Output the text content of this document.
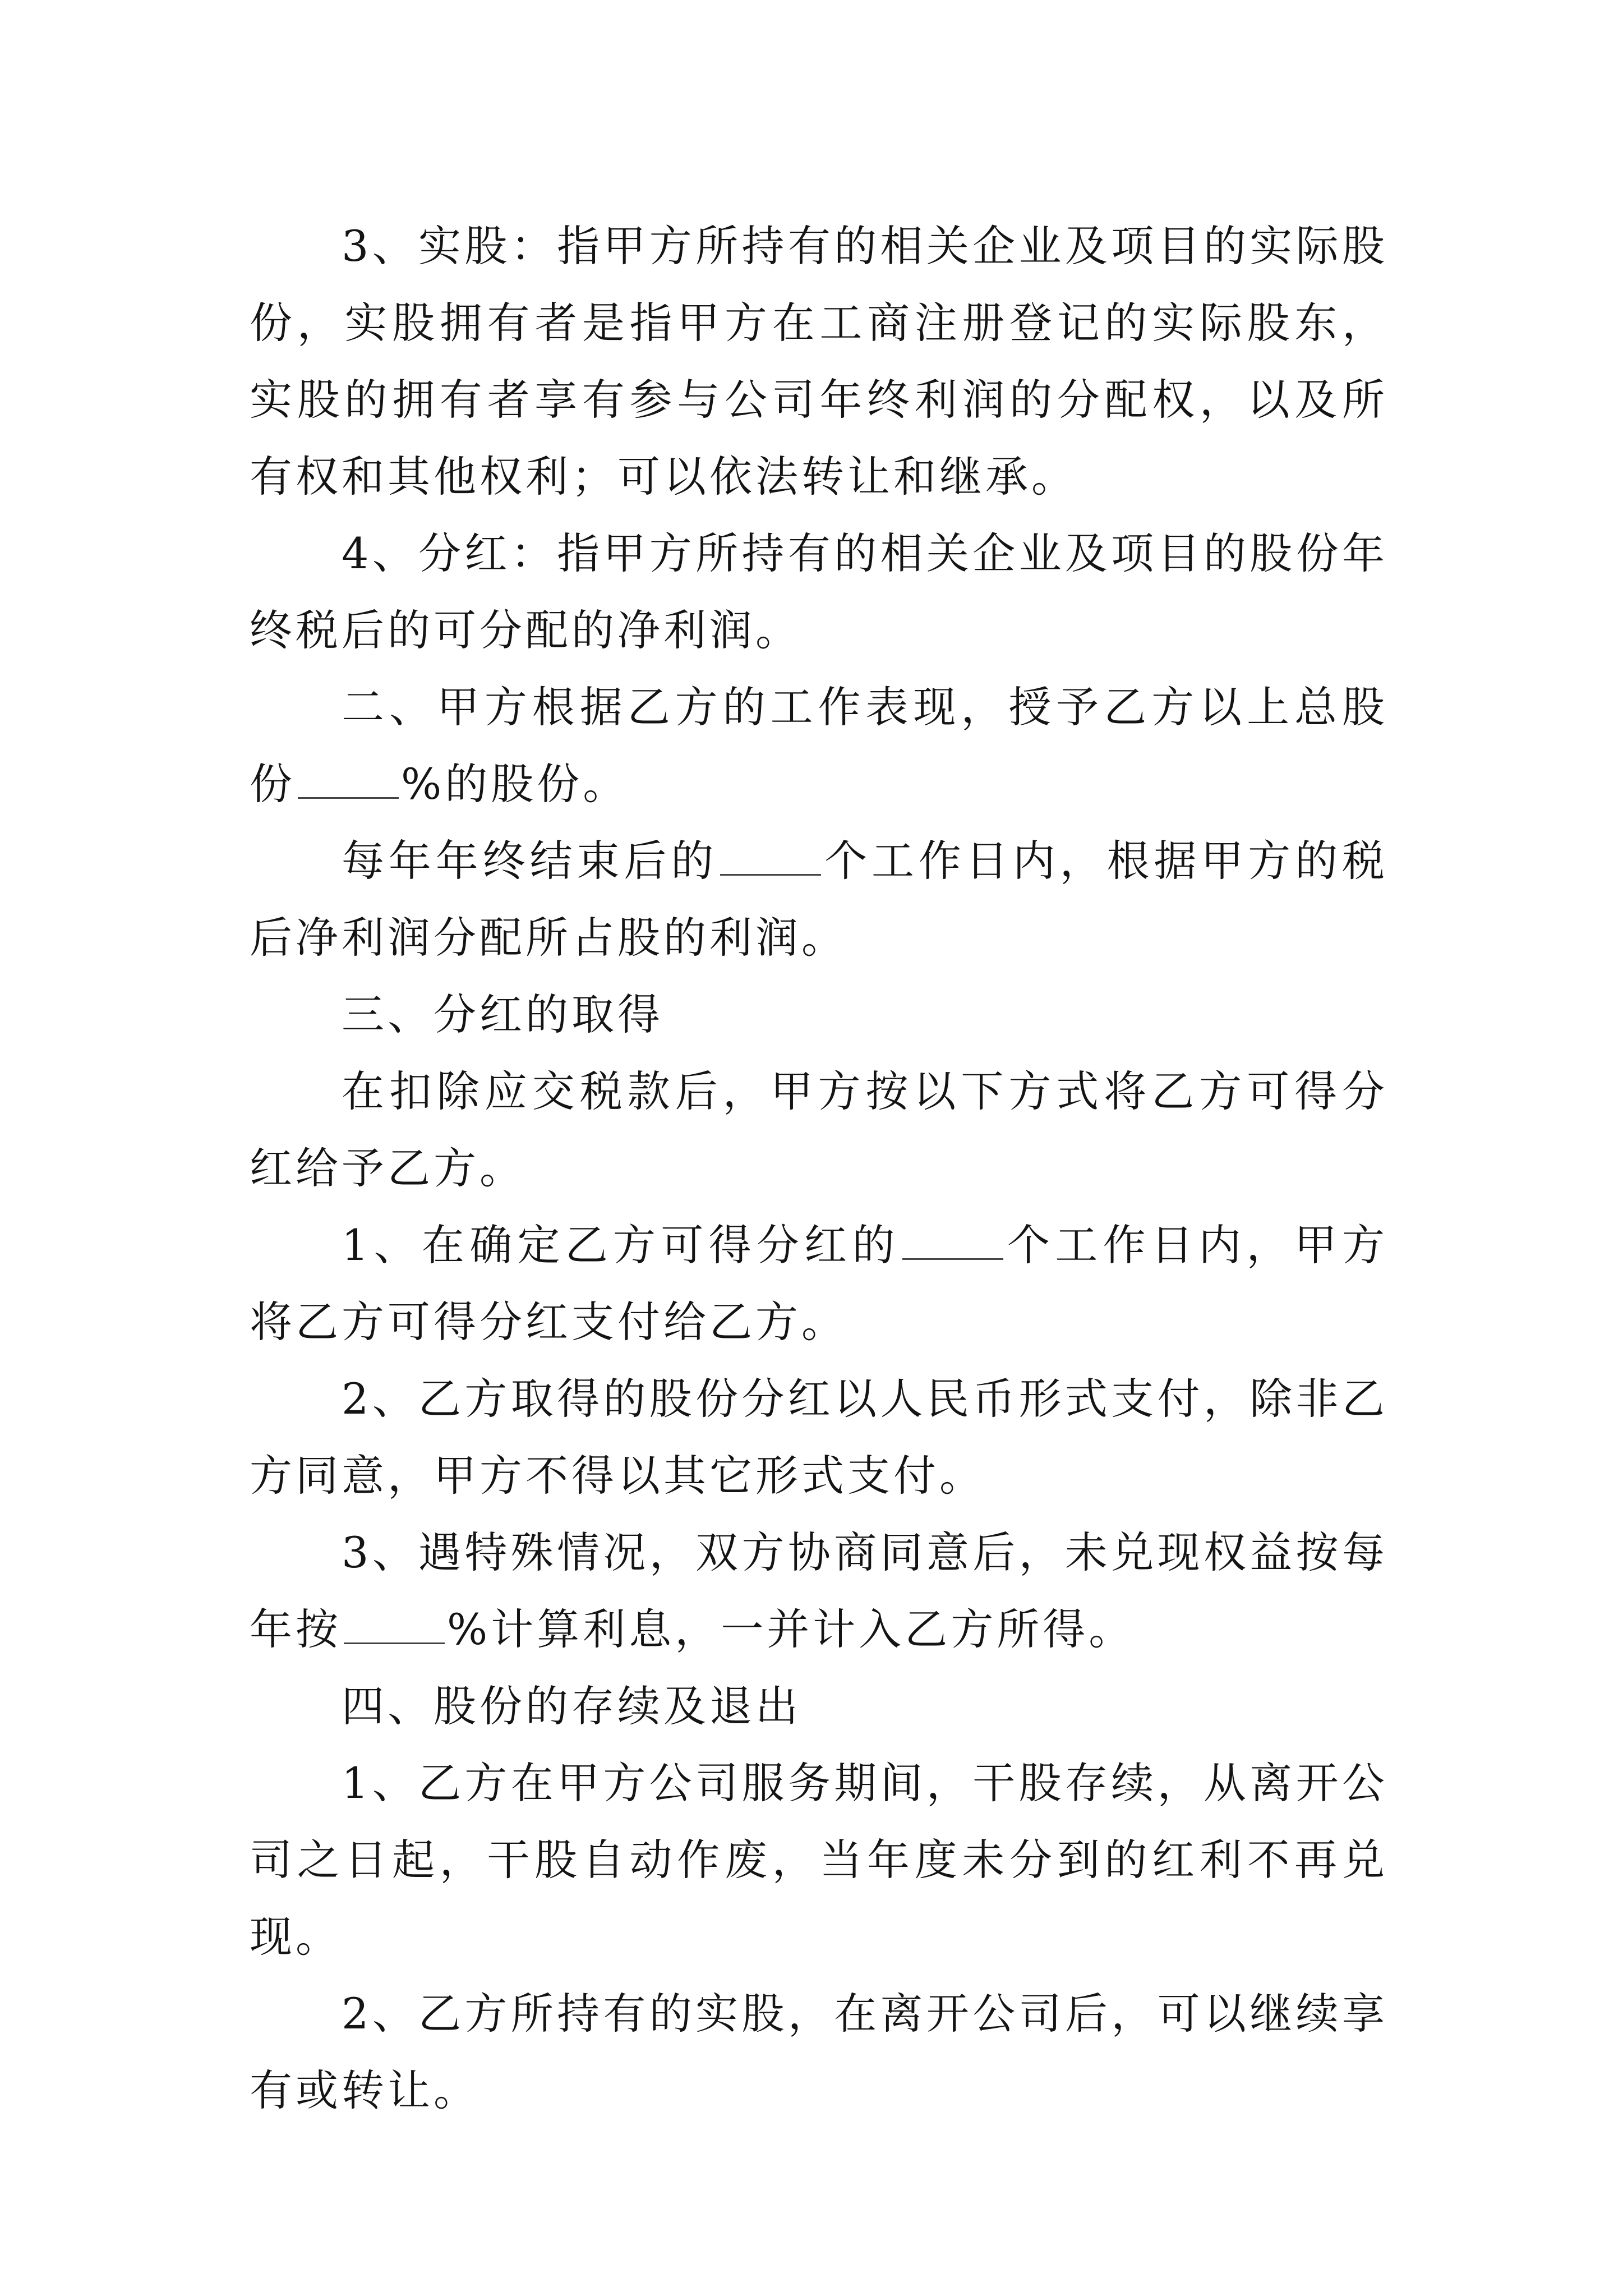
3、实股：指甲方所持有的相关企业及项目的实际股份，实股拥有者是指甲方在工商注册登记的实际股东，实股的拥有者享有参与公司年终利润的分配权，以及所有权和其他权利；可以依法转让和继承。

4、分红：指甲方所持有的相关企业及项目的股份年终税后的可分配的净利润。

二、甲方根据乙方的工作表现，授予乙方以上总股份 %的股份。

每年年终结束后的 个工作日内，根据甲方的税后净利润分配所占股的利润。

三、分红的取得

在扣除应交税款后，甲方按以下方式将乙方可得分红给予乙方。

1、在确定乙方可得分红的 个工作日内，甲方将乙方可得分红支付给乙方。

2、乙方取得的股份分红以人民币形式支付，除非乙方同意，甲方不得以其它形式支付。

3、遇特殊情况，双方协商同意后，未兑现权益按每年按 %计算利息，一并计入乙方所得。

四、股份的存续及退出

1、乙方在甲方公司服务期间，干股存续，从离开公司之日起，干股自动作废，当年度未分到的红利不再兑现。

2、乙方所持有的实股，在离开公司后，可以继续享有或转让。
